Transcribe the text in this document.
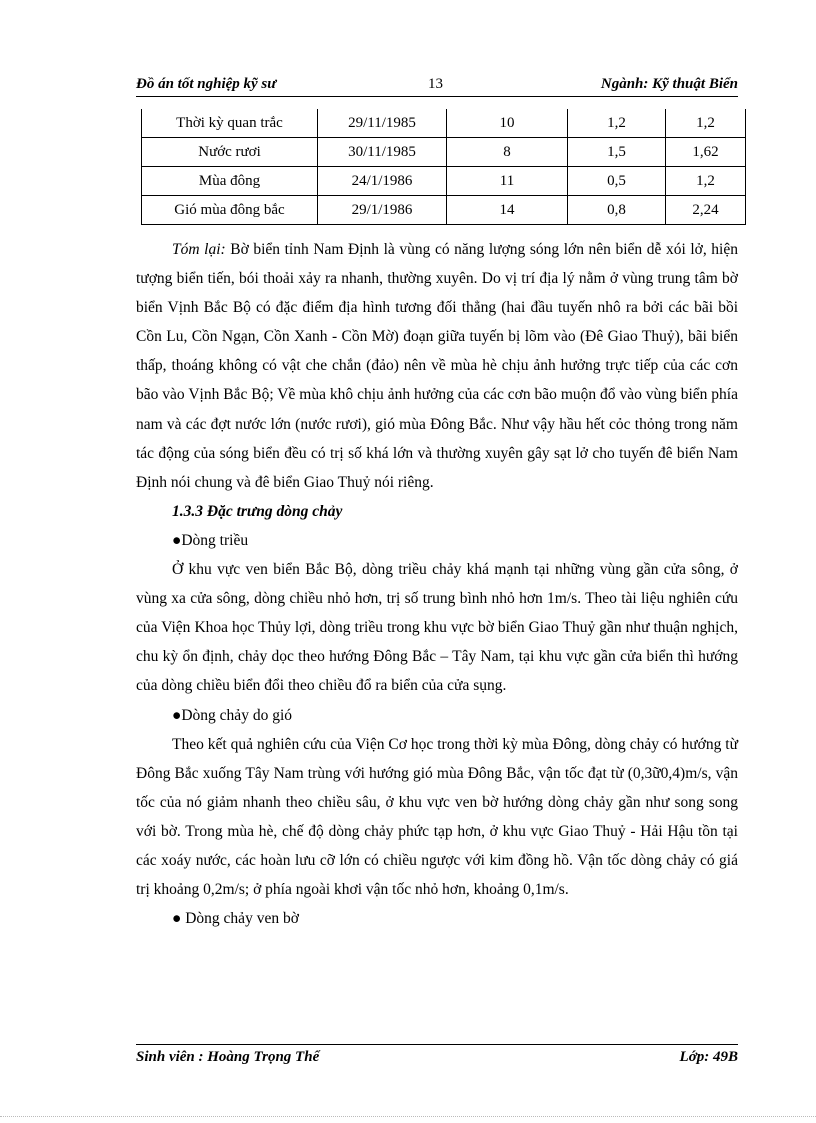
Đồ án tốt nghiệp kỹ sư	13	Ngành: Kỹ thuật Biển
Thời kỳ quan trắc	29/11/1985	10	1,2	1,2
Nước rươi	30/11/1985	8	1,5	1,62
Mùa đông	24/1/1986	11	0,5	1,2
Gió mùa đông bắc	29/1/1986	14	0,8	2,24

Tóm lại: Bờ biển tỉnh Nam Định là vùng có năng lượng sóng lớn nên biển dễ xói lở, hiện tượng biển tiến, bói thoải xảy ra nhanh, thường xuyên. Do vị trí địa lý nằm ở vùng trung tâm bờ biển Vịnh Bắc Bộ có đặc điểm địa hình tương đối thẳng (hai đầu tuyến nhô ra bởi các bãi bồi Cồn Lu, Cồn Ngạn, Cồn Xanh - Cồn Mờ) đoạn giữa tuyến bị lõm vào (Đê Giao Thuỷ), bãi biển thấp, thoáng không có vật che chắn (đảo) nên về mùa hè chịu ảnh hưởng trực tiếp của các cơn bão vào Vịnh Bắc Bộ; Về mùa khô chịu ảnh hưởng của các cơn bão muộn đổ vào vùng biển phía nam và các đợt nước lớn (nước rươi), gió mùa Đông Bắc. Như vậy hầu hết cỏc thỏng trong năm tác động của sóng biển đều có trị số khá lớn và thường xuyên gây sạt lở cho tuyến đê biển Nam Định nói chung và đê biển Giao Thuỷ nói riêng.

1.3.3 Đặc trưng dòng chảy

●Dòng triều

Ở khu vực ven biển Bắc Bộ, dòng triều chảy khá mạnh tại những vùng gần cửa sông, ở vùng xa cửa sông, dòng chiều nhỏ hơn, trị số trung bình nhỏ hơn 1m/s. Theo tài liệu nghiên cứu của Viện Khoa học Thủy lợi, dòng triều trong khu vực bờ biển Giao Thuỷ gần như thuận nghịch, chu kỳ ổn định, chảy dọc theo hướng Đông Bắc – Tây Nam, tại khu vực gần cửa biển thì hướng của dòng chiều biển đổi theo chiều đổ ra biển của cửa sụng.

●Dòng chảy do gió

Theo kết quả nghiên cứu của Viện Cơ học trong thời kỳ mùa Đông, dòng chảy có hướng từ Đông Bắc xuống Tây Nam trùng với hướng gió mùa Đông Bắc, vận tốc đạt từ (0,3ữ0,4)m/s, vận tốc của nó giảm nhanh theo chiều sâu, ở khu vực ven bờ hướng dòng chảy gần như song song với bờ. Trong mùa hè, chế độ dòng chảy phức tạp hơn, ở khu vực Giao Thuỷ - Hải Hậu tồn tại các xoáy nước, các hoàn lưu cỡ lớn có chiều ngược với kim đồng hồ. Vận tốc dòng chảy có giá trị khoảng 0,2m/s; ở phía ngoài khơi vận tốc nhỏ hơn, khoảng 0,1m/s.

● Dòng chảy ven bờ

Sinh viên : Hoàng Trọng Thể	Lớp: 49B
